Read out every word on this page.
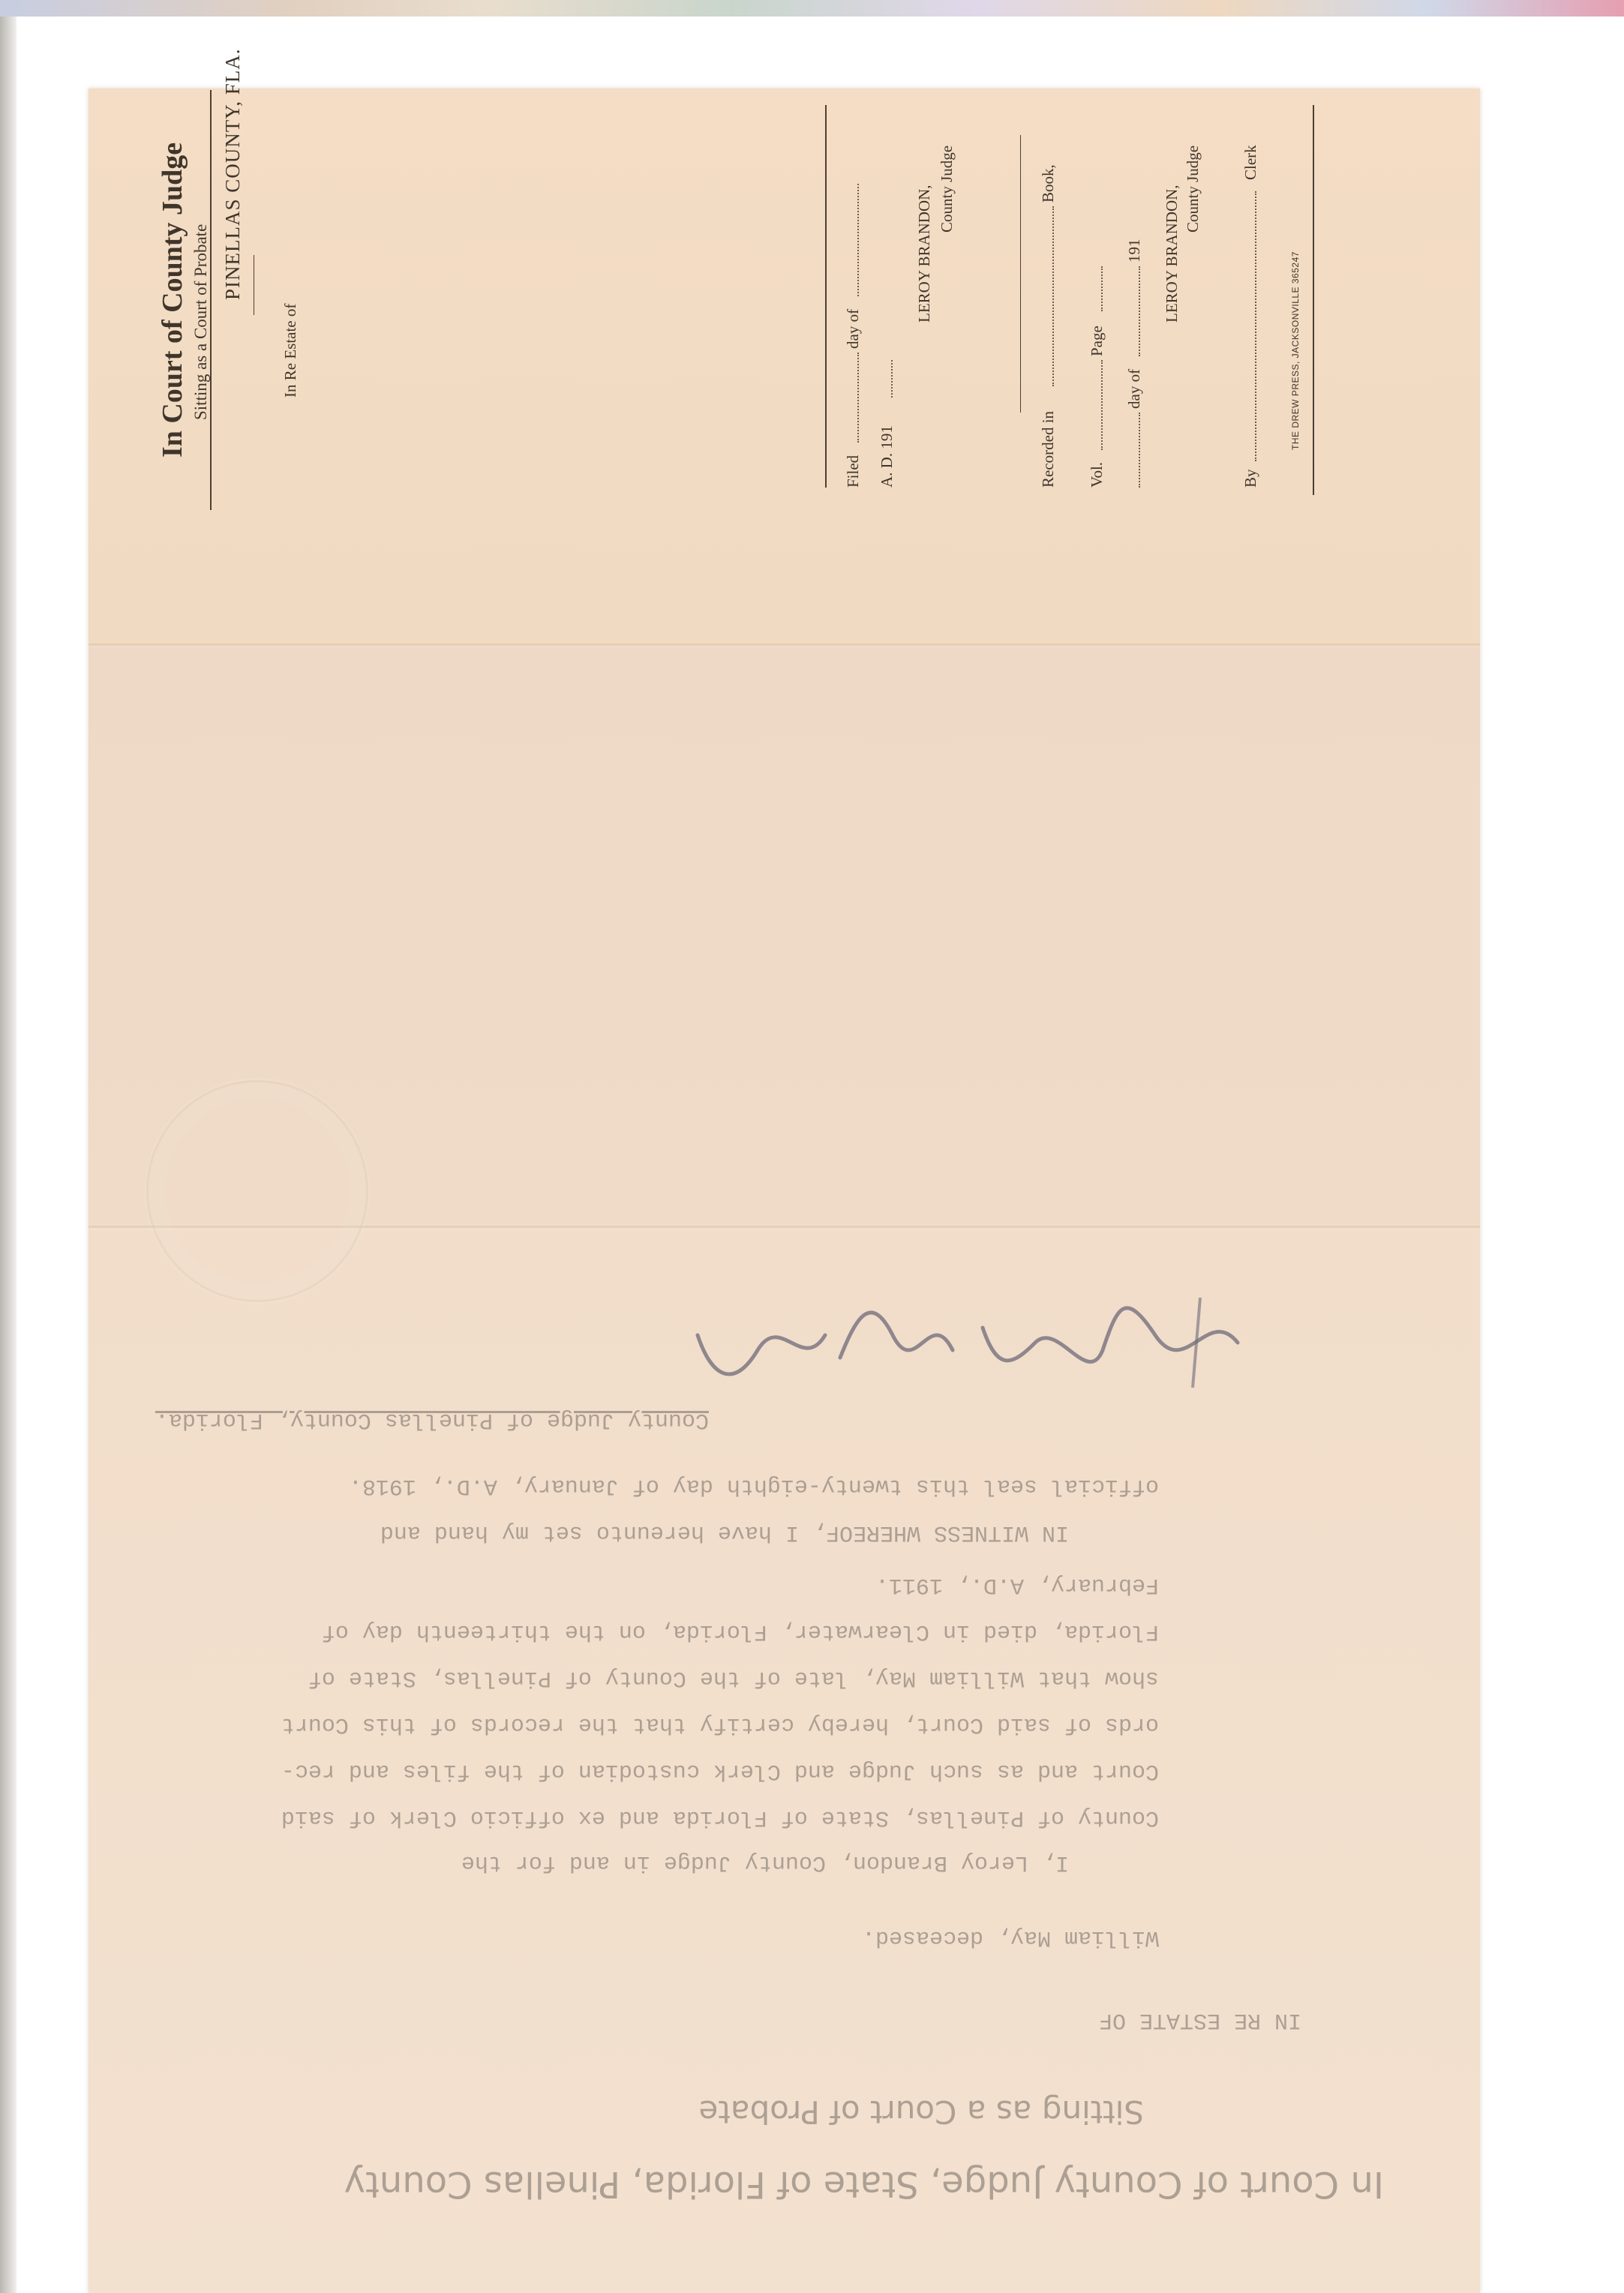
In Court of County Judge Sitting as a Court of Probate
PINELLAS COUNTY, FLA.
In Re Estate of
Filed
day of
A. D. 191
LEROY BRANDON, County Judge
Recorded in
Book,
Vol.
Page
day of
191 LEROY BRANDON, County Judge
By
Clerk
THE DREW PRESS, JACKSONVILLE 365247
In Court of County Judge, State of Florida, Pinellas County
Sitting as a Court of Probate
IN RE ESTATE OF
William May, deceased.
I, Leroy Brandon, County Judge in and for the
County of Pinellas, State of Florida and ex officio Clerk of said
Court and as such Judge and Clerk custodian of the files and rec-
ords of said Court, hereby certify that the records of this Court
show that William May, late of the County of Pinellas, State of
Florida, died in Clearwater, Florida, on the thirteenth day of
February, A.D., 1911.
IN WITNESS WHEREOF, I have hereunto set my hand and
official seal this twenty-eighth day of January, A.D., 1918.
County Judge of Pinellas County, Florida.
